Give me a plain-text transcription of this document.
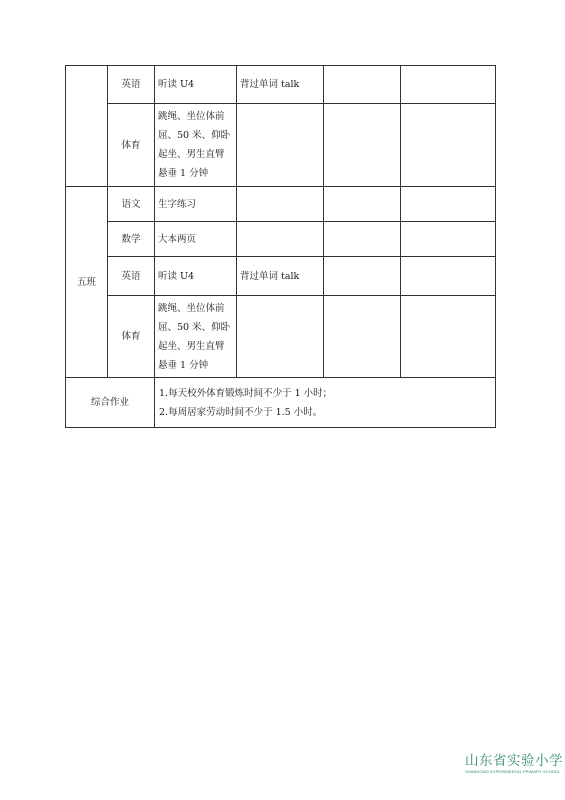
	英语	听读 U4	背过单词 talk		
	体育	跳绳、坐位体前屈、50 米、仰卧起坐、男生直臂悬垂 1 分钟			
五班	语文	生字练习			
	数学	大本两页			
	英语	听读 U4	背过单词 talk		
	体育	跳绳、坐位体前屈、50 米、仰卧起坐、男生直臂悬垂 1 分钟			
综合作业		1.每天校外体育锻炼时间不少于 1 小时；
2.每周居家劳动时间不少于 1.5 小时。			
山东省实验小学
SHANDONG EXPERIMENTAL PRIMARY SCHOOL
